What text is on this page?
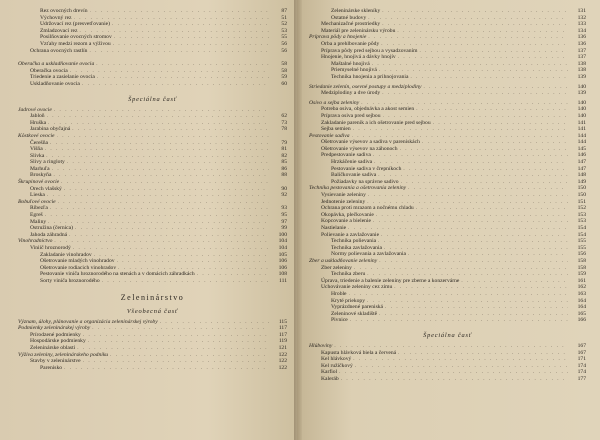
Rez ovocných drevín . . .	87
Výchovný rez . . .	51
Udržovací rez (presvetľovanie) . . .	52
Zmladzovací rez . . .	53
Posilňovanie ovocných stromov . . .	55
Vzťahy medzi rezom a výživou . . .	56
Ochrana ovocných rastlín . . .	56
Oberačka a uskladňovanie ovocia . . .	58
Oberačka ovocia . . .	58
Triedenie a zasielanie ovocia . . .	59
Uskladňovanie ovocia . . .	60
Špeciálna časť
Jadrové ovocie
. . .
Jabloň . . .	62
Hruška . . .	73
Jarabina obyčajná . . .	78
Kôstkové ovocie
. . .
Čerešňa . . .	79
Višňa . . .	81
Slivka . . .	82
Slivy a ringloty . . .	85
Marhuľa . . .	86
Broskyňa . . .	88
Škrupinové ovocie
. . .
Orech vlašský . . .	90
Lieska . . .	92
Bobuľové ovocie
. . .
Ríbezľa . . .	93
Egreš . . .	95
Maliny . . .	97
Ostružina (černica) . . .	99
Jahoda záhradná . . .	100
Vinohradníctvo . . .	104
Viniič hroznorodý . . .	104
Zakladanie vinohradov . . .	105
Ošetrovanie mladých vinohradov . . .	106
Ošetrovanie rodiacich vinohradov . . .	106
Pestovanie viniča hroznorodého na stenách a v domácich záhradkách . . .	108
Sorty viniča hroznorodého . . .	111
Zeleninárstvo
Všeobecná časť
Význam, úlohy, plánovanie a organizácia zeleninárskej výroby . . .	115
Podmienky zeleninárskej výroby . . .	117
Prírodzené podmienky . . .	117
Hospodárske podmienky . . .	119
Zeleninárske oblasti . . .	121
Výživa zeleniny, zeleninárskeho podniku . . .	122
Stavby v zeleninárstve . . .	122
Parenisko . . .	122
Zeleninárske skleníky . . .	131
Ostatné budovy . . .	132
Mechanizačné prostriedky . . .	133
Materiál pre zeleninársku výrobu . . .	134
Príprava pôdy a hnojenie . . .	136
Orba a prehlbovanie pôdy . . .	136
Príprava pôdy pred sejbou a vysadzovaním . . .	137
Hnojenie, hnojivá a dávky hnojív . . .	137
Maštalné hnojivá . . .	138
Priemyselné hnojivá . . .	138
Technika hnojenia a prihnojovania . . .	139
Striedanie zelenín, osevné postupy a medziplodiny . . .	140
Medziplodiny a dve úrody . . .	139
Osivo a sejba zeleniny . . .	140
Potreba osiva, objednávka a akost semien . . .	140
Príprava osiva pred sejbou . . .	140
Zakladanie pareník a ich ošetrovanie pred sejbou . . .	141
Sejba semien . . .	141
Pestovanie sadiva . . .	144
Ošetrovanie výsevov a sadiva v pareniskách . . .	144
Ošetrovanie výsevov na záhonoch . . .	145
Predpestovanie sadiva . . .	146
Hrzkáčenie sadiva . . .	147
Pestovanie sadiva v črepníkoch . . .	147
Balíčkovanie sadiva . . .	148
Požiadavky na správne sadivo . . .	149
Technika pestovania a ošetrovania zeleniny . . .	150
Vysievanie zeleniny . . .	150
Jednotenie zeleniny . . .	151
Ochrana proti mrazom a nočnému chladu . . .	152
Okopávka, plečkovanie . . .	153
Kopcovanie a bielenie . . .	153
Nastielanie . . .	154
Polievanie a zavlažovanie . . .	154
Technika polievania . . .	155
Technika zavlažovania . . .	155
Normy polievania a zavlažovania . . .	156
Zber a uskladňovanie zeleniny . . .	158
Zber zeleniny . . .	158
Technika zberu . . .	159
Úprava, triedenie a balenie zeleniny pre zberne a konzervárne . . .	161
Uchovávanie zeleniny cez zimu . . .	162
Hroble . . .	163
Kryté priekopy . . .	164
Vyprázdnené pareniská . . .	164
Zeleninové skladiště . . .	165
Pivnice . . .	166
Špeciálna časť
Hlúboviny . . .	167
Kapusta hlávková biela a červená . . .	167
Kel hlávkový . . .	171
Kel ružičkový . . .	174
Karfiol . . .	174
Kaleráb . . .	177
